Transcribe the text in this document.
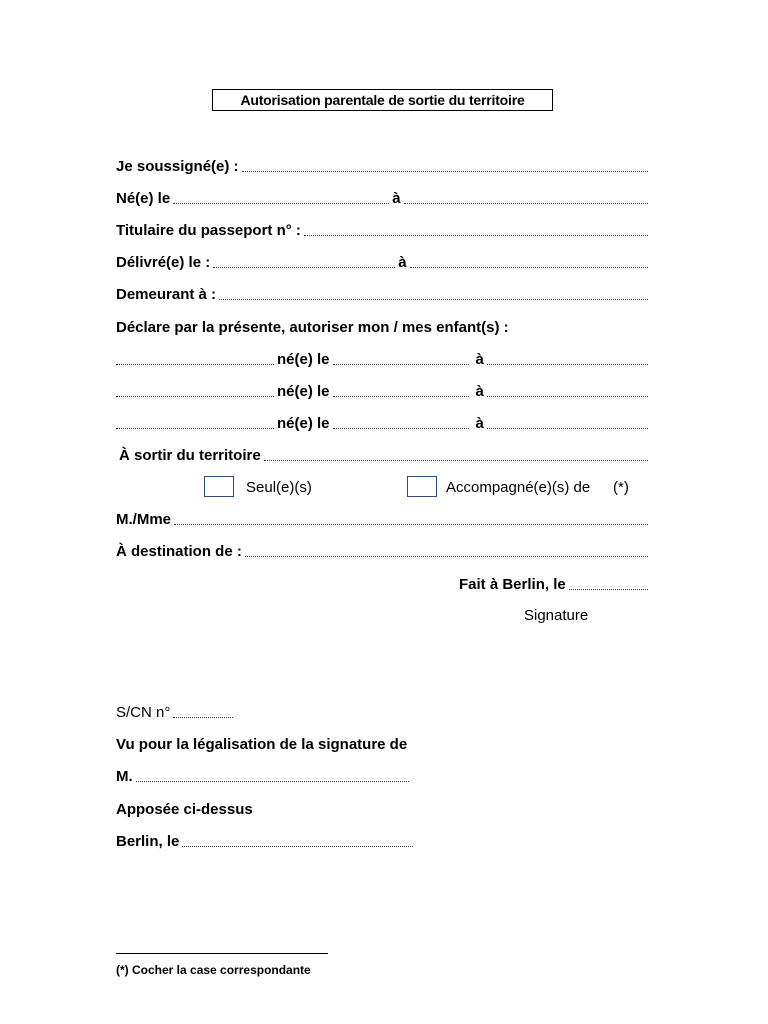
Autorisation parentale de sortie du territoire
Je soussigné(e) :
Né(e) le	à
Titulaire du passeport n° :
Délivré(e) le :	à
Demeurant à :
Déclare par la présente, autoriser mon / mes enfant(s) :
né(e) le	à
né(e) le	à
né(e) le	à
À sortir du territoire
Seul(e)(s)	Accompagné(e)(s) de (*)
M./Mme
À destination de :
Fait à Berlin, le
Signature
S/CN n°
Vu pour la légalisation de la signature de
M.
Apposée ci-dessus
Berlin, le
(*) Cocher la case correspondante
